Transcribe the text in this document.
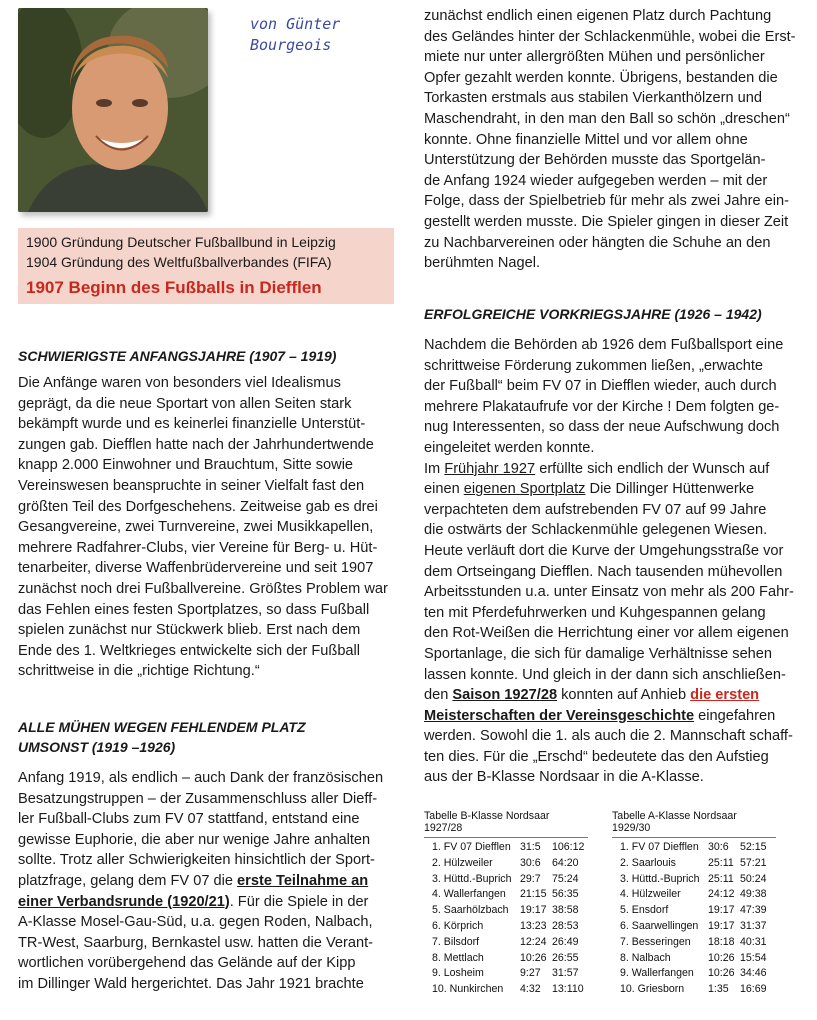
von Günter
Bourgeois
1900 Gründung Deutscher Fußballbund in Leipzig
1904 Gründung des Weltfußballverbandes (FIFA)
1907 Beginn des Fußballs in Diefflen
SCHWIERIGSTE ANFANGSJAHRE (1907 – 1919)
Die Anfänge waren von besonders viel Idealismus
geprägt, da die neue Sportart von allen Seiten stark
bekämpft wurde und es keinerlei finanzielle Unterstüt-
zungen gab. Diefflen hatte nach der Jahrhundertwende
knapp 2.000 Einwohner und Brauchtum, Sitte sowie
Vereinswesen beanspruchte in seiner Vielfalt fast den
größten Teil des Dorfgeschehens. Zeitweise gab es drei
Gesangvereine, zwei Turnvereine, zwei Musikkapellen,
mehrere Radfahrer-Clubs, vier Vereine für Berg- u. Hüt-
tenarbeiter, diverse Waffenbrüdervereine und seit 1907
zunächst noch drei Fußballvereine. Größtes Problem war
das Fehlen eines festen Sportplatzes, so dass Fußball
spielen zunächst nur Stückwerk blieb. Erst nach dem
Ende des 1. Weltkrieges entwickelte sich der Fußball
schrittweise in die „richtige Richtung.“
ALLE MÜHEN WEGEN FEHLENDEM PLATZ
UMSONST (1919 –1926)
Anfang 1919, als endlich – auch Dank der französischen
Besatzungstruppen – der Zusammenschluss aller Dieff-
ler Fußball-Clubs zum FV 07 stattfand, entstand eine
gewisse Euphorie, die aber nur wenige Jahre anhalten
sollte. Trotz aller Schwierigkeiten hinsichtlich der Sport-
platzfrage, gelang dem FV 07 die erste Teilnahme an
einer Verbandsrunde (1920/21). Für die Spiele in der
A-Klasse Mosel-Gau-Süd, u.a. gegen Roden, Nalbach,
TR-West, Saarburg, Bernkastel usw. hatten die Verant-
wortlichen vorübergehend das Gelände auf der Kipp
im Dillinger Wald hergerichtet. Das Jahr 1921 brachte
zunächst endlich einen eigenen Platz durch Pachtung
des Geländes hinter der Schlackenmühle, wobei die Erst-
miete nur unter allergrößten Mühen und persönlicher
Opfer gezahlt werden konnte. Übrigens, bestanden die
Torkasten erstmals aus stabilen Vierkanthölzern und
Maschendraht, in den man den Ball so schön „dreschen“
konnte. Ohne finanzielle Mittel und vor allem ohne
Unterstützung der Behörden musste das Sportgelän-
de Anfang 1924 wieder aufgegeben werden – mit der
Folge, dass der Spielbetrieb für mehr als zwei Jahre ein-
gestellt werden musste. Die Spieler gingen in dieser Zeit
zu Nachbarvereinen oder hängten die Schuhe an den
berühmten Nagel.
ERFOLGREICHE VORKRIEGSJAHRE (1926 – 1942)
Nachdem die Behörden ab 1926 dem Fußballsport eine
schrittweise Förderung zukommen ließen, „erwachte
der Fußball“ beim FV 07 in Diefflen wieder, auch durch
mehrere Plakataufrufe vor der Kirche ! Dem folgten ge-
nug Interessenten, so dass der neue Aufschwung doch
eingeleitet werden konnte.
Im Frühjahr 1927 erfüllte sich endlich der Wunsch auf
einen eigenen Sportplatz Die Dillinger Hüttenwerke
verpachteten dem aufstrebenden FV 07 auf 99 Jahre
die ostwärts der Schlackenmühle gelegenen Wiesen.
Heute verläuft dort die Kurve der Umgehungsstraße vor
dem Ortseingang Diefflen. Nach tausenden mühevollen
Arbeitsstunden u.a. unter Einsatz von mehr als 200 Fahr-
ten mit Pferdefuhrwerken und Kuhgespannen gelang
den Rot-Weißen die Herrichtung einer vor allem eigenen
Sportanlage, die sich für damalige Verhältnisse sehen
lassen konnte. Und gleich in der dann sich anschließen-
den Saison 1927/28 konnten auf Anhieb die ersten
Meisterschaften der Vereinsgeschichte eingefahren
werden. Sowohl die 1. als auch die 2. Mannschaft schaff-
ten dies. Für die „Erschd“ bedeutete das den Aufstieg
aus der B-Klasse Nordsaar in die A-Klasse.
Tabelle B-Klasse Nordsaar
1927/28
1. FV 07 Diefflen 31:5 106:12
2. Hülzweiler	30:6 64:20
3. Hüttd.-Buprich 29:7 75:24
4. Wallerfangen 21:15 56:35
5. Saarhölzbach 19:17 38:58
6. Körprich	13:23 28:53
7. Bilsdorf	12:24 26:49
8. Mettlach	10:26 26:55
9. Losheim	9:27 31:57
10. Nunkirchen 4:32 13:110
Tabelle A-Klasse Nordsaar
1929/30
1. FV 07 Diefflen 30:6 52:15
2. Saarlouis	25:11 57:21
3. Hüttd.-Buprich 25:11 50:24
4. Hülzweiler	24:12 49:38
5. Ensdorf	19:17 47:39
6. Saarwellingen 19:17 31:37
7. Besseringen 18:18 40:31
8. Nalbach	10:26 15:54
9. Wallerfangen 10:26 34:46
10. Griesborn 1:35 16:69
